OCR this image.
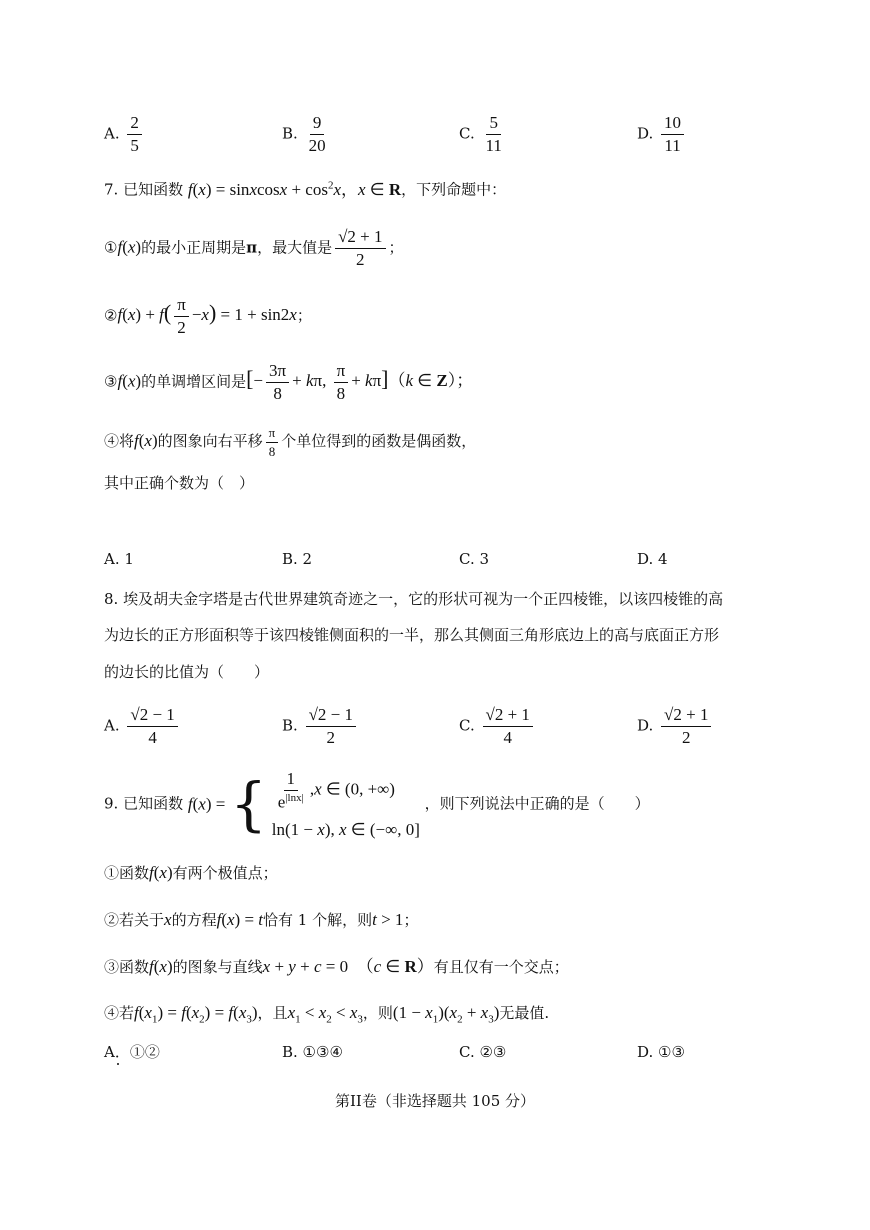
A. $\frac{2}{5}$	B. $\frac{9}{20}$	C. $\frac{5}{11}$	D. $\frac{10}{11}$
7. 已知函数 f(x) = sinxcosx + $\cos^2x$，x ∈ R，下列命题中：
①f(x)的最小正周期是π，最大值是 $\frac{√2 + 1}{2}$ ；
②f(x) + $f( \frac{\pi}{2} -x) = 1 + \sin 2x$；
③f(x)的单调增区间是[− $\frac{3\pi}{8} + k\pi$, $\frac{\pi}{8} + k\pi](k$ ∈ Z）；
④将f(x)的图象向右平移 $\frac{\pi}{8}$ 个单位得到的函数是偶函数，
其中正确个数为（　）
A. 1	B. 2	C. 3	D. 4
8. 埃及胡夫金字塔是古代世界建筑奇迹之一，它的形状可视为一个正四棱锥，以该四棱锥的高
为边长的正方形面积等于该四棱锥侧面积的一半，那么其侧面三角形底边上的高与底面正方形
的边长的比值为（　　）
A. $\frac{√2 - 1}{4}$	B. $\frac{√2 - 1}{2}$	C. $\frac{√2 + 1}{4}$	D. $\frac{√2 + 1}{2}$
9. 已知函数 f(x) = { $\frac{1}{e^{|lnx|}} ,x$ ∈ (0, +∞)
ln(1 − x), x ∈ (−∞, 0]
，则下列说法中正确的是（　　）
①函数f(x)有两个极值点；
②若关于x的方程f(x) = t恰有 1 个解，则t > 1；
③函数f(x)的图象与直线x + y + c = 0　（c ∈ R）有且仅有一个交点；
④若$f(x_1) = f(x_2) = f(x_3)$，且$x_1 < x_2 < x_3$，则$(1 - x_1)(x_2 + x_3)$无最值.
A．①②	B. ①③④	C. ②③	D. ①③
第II卷（非选择题共 105 分）
